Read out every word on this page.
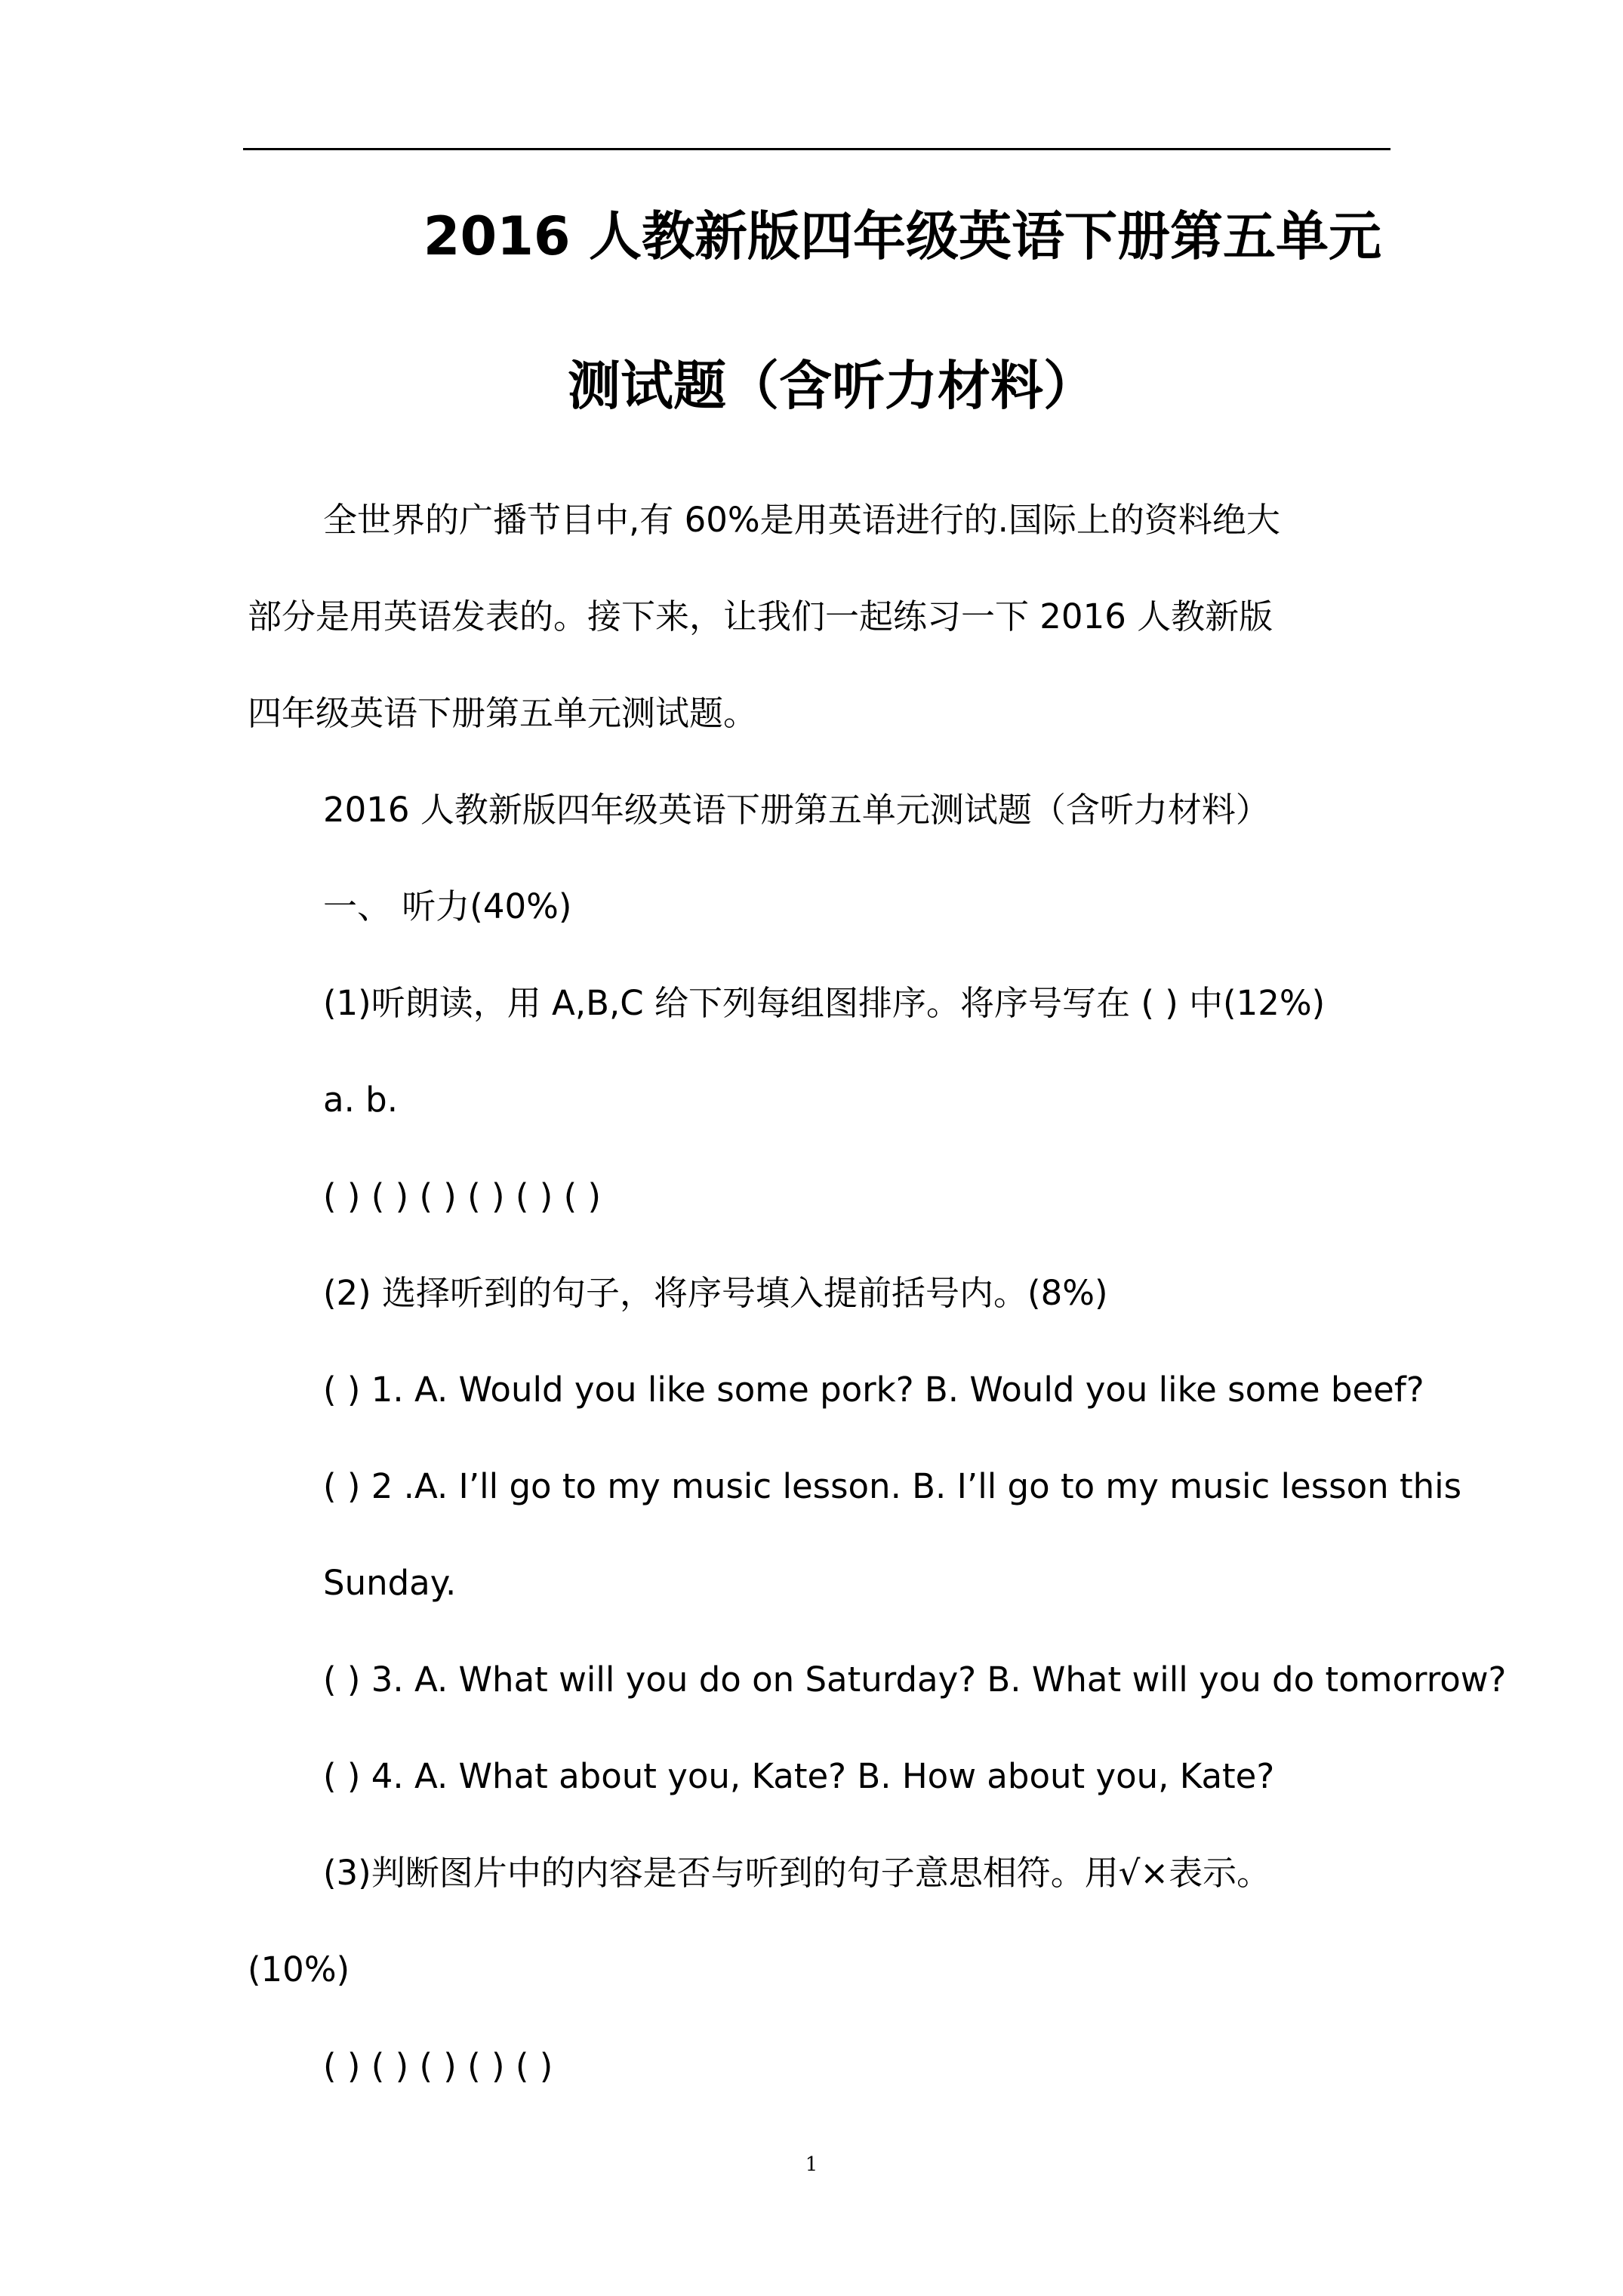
2016 人教新版四年级英语下册第五单元
测试题（含听力材料）
全世界的广播节目中,有 60%是用英语进行的.国际上的资料绝大
部分是用英语发表的。接下来，让我们一起练习一下 2016 人教新版
四年级英语下册第五单元测试题。
2016 人教新版四年级英语下册第五单元测试题（含听力材料）
一、 听力(40%)
(1)听朗读，用 A,B,C 给下列每组图排序。将序号写在 ( ) 中(12%)
a. b.
( ) ( ) ( ) ( ) ( ) ( )
(2) 选择听到的句子，将序号填入提前括号内。(8%)
( ) 1. A. Would you like some pork? B. Would you like some beef?
( ) 2 .A. I’ll go to my music lesson. B. I’ll go to my music lesson this
Sunday.
( ) 3. A. What will you do on Saturday? B. What will you do tomorrow?
( ) 4. A. What about you, Kate? B. How about you, Kate?
(3)判断图片中的内容是否与听到的句子意思相符。用√×表示。
(10%)
( ) ( ) ( ) ( ) ( )
1
